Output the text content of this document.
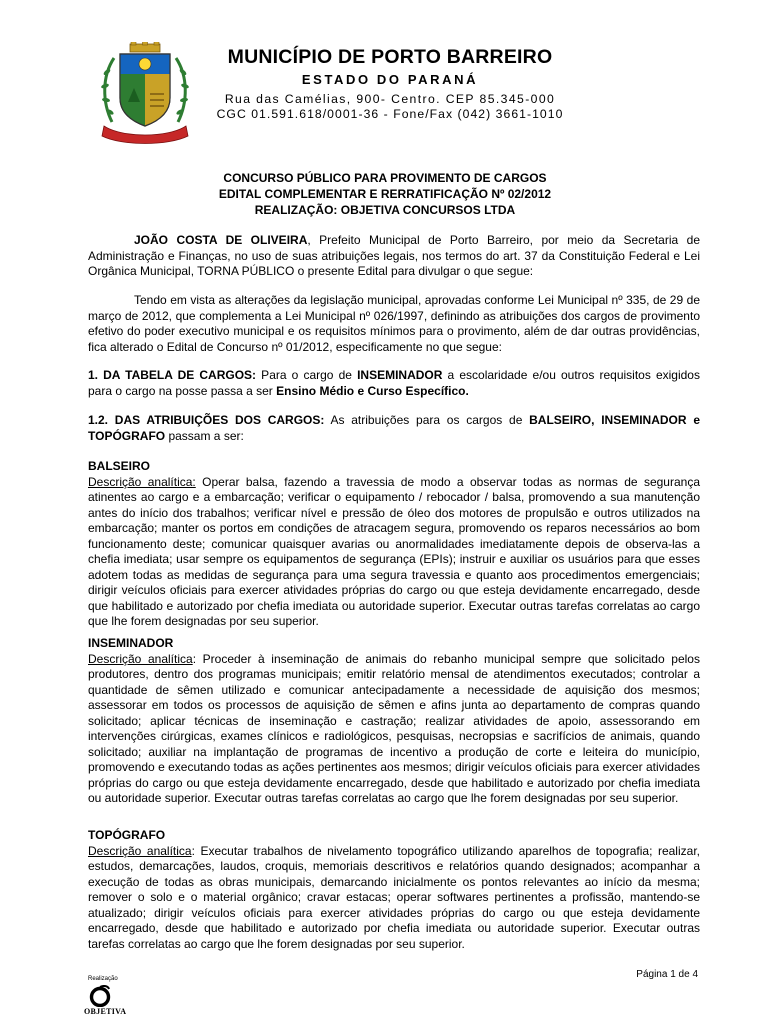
MUNICÍPIO DE PORTO BARREIRO
ESTADO DO PARANÁ
Rua das Camélias, 900- Centro. CEP 85.345-000
CGC 01.591.618/0001-36 - Fone/Fax (042) 3661-1010
CONCURSO PÚBLICO PARA PROVIMENTO DE CARGOS
EDITAL COMPLEMENTAR E RERRATIFICAÇÃO Nº 02/2012
REALIZAÇÃO: OBJETIVA CONCURSOS LTDA

JOÃO COSTA DE OLIVEIRA, Prefeito Municipal de Porto Barreiro, por meio da Secretaria de Administração e Finanças, no uso de suas atribuições legais, nos termos do art. 37 da Constituição Federal e Lei Orgânica Municipal, TORNA PÚBLICO o presente Edital para divulgar o que segue:

Tendo em vista as alterações da legislação municipal, aprovadas conforme Lei Municipal nº 335, de 29 de março de 2012, que complementa a Lei Municipal nº 026/1997, definindo as atribuições dos cargos de provimento efetivo do poder executivo municipal e os requisitos mínimos para o provimento, além de dar outras providências, fica alterado o Edital de Concurso nº 01/2012, especificamente no que segue:

1. DA TABELA DE CARGOS: Para o cargo de INSEMINADOR a escolaridade e/ou outros requisitos exigidos para o cargo na posse passa a ser Ensino Médio e Curso Específico.

1.2. DAS ATRIBUIÇÕES DOS CARGOS: As atribuições para os cargos de BALSEIRO, INSEMINADOR e TOPÓGRAFO passam a ser:

BALSEIRO

Descrição analítica: Operar balsa, fazendo a travessia de modo a observar todas as normas de segurança atinentes ao cargo e a embarcação; verificar o equipamento / rebocador / balsa, promovendo a sua manutenção antes do início dos trabalhos; verificar nível e pressão de óleo dos motores de propulsão e outros utilizados na embarcação; manter os portos em condições de atracagem segura, promovendo os reparos necessários ao bom funcionamento deste; comunicar quaisquer avarias ou anormalidades imediatamente depois de observa-las a chefia imediata; usar sempre os equipamentos de segurança (EPIs); instruir e auxiliar os usuários para que esses adotem todas as medidas de segurança para uma segura travessia e quanto aos procedimentos emergenciais; dirigir veículos oficiais para exercer atividades próprias do cargo ou que esteja devidamente encarregado, desde que habilitado e autorizado por chefia imediata ou autoridade superior. Executar outras tarefas correlatas ao cargo que lhe forem designadas por seu superior.

INSEMINADOR

Descrição analítica: Proceder à inseminação de animais do rebanho municipal sempre que solicitado pelos produtores, dentro dos programas municipais; emitir relatório mensal de atendimentos executados; controlar a quantidade de sêmen utilizado e comunicar antecipadamente a necessidade de aquisição dos mesmos; assessorar em todos os processos de aquisição de sêmen e afins junta ao departamento de compras quando solicitado; aplicar técnicas de inseminação e castração; realizar atividades de apoio, assessorando em intervenções cirúrgicas, exames clínicos e radiológicos, pesquisas, necropsias e sacrifícios de animais, quando solicitado; auxiliar na implantação de programas de incentivo a produção de corte e leiteira do município, promovendo e executando todas as ações pertinentes aos mesmos; dirigir veículos oficiais para exercer atividades próprias do cargo ou que esteja devidamente encarregado, desde que habilitado e autorizado por chefia imediata ou autoridade superior. Executar outras tarefas correlatas ao cargo que lhe forem designadas por seu superior.

TOPÓGRAFO

Descrição analítica: Executar trabalhos de nivelamento topográfico utilizando aparelhos de topografia; realizar, estudos, demarcações, laudos, croquis, memoriais descritivos e relatórios quando designados; acompanhar a execução de todas as obras municipais, demarcando inicialmente os pontos relevantes ao início da mesma; remover o solo e o material orgânico; cravar estacas; operar softwares pertinentes a profissão, mantendo-se atualizado; dirigir veículos oficiais para exercer atividades próprias do cargo ou que esteja devidamente encarregado, desde que habilitado e autorizado por chefia imediata ou autoridade superior. Executar outras tarefas correlatas ao cargo que lhe forem designadas por seu superior.

Realização	Página 1 de 4
OBJETIVA
